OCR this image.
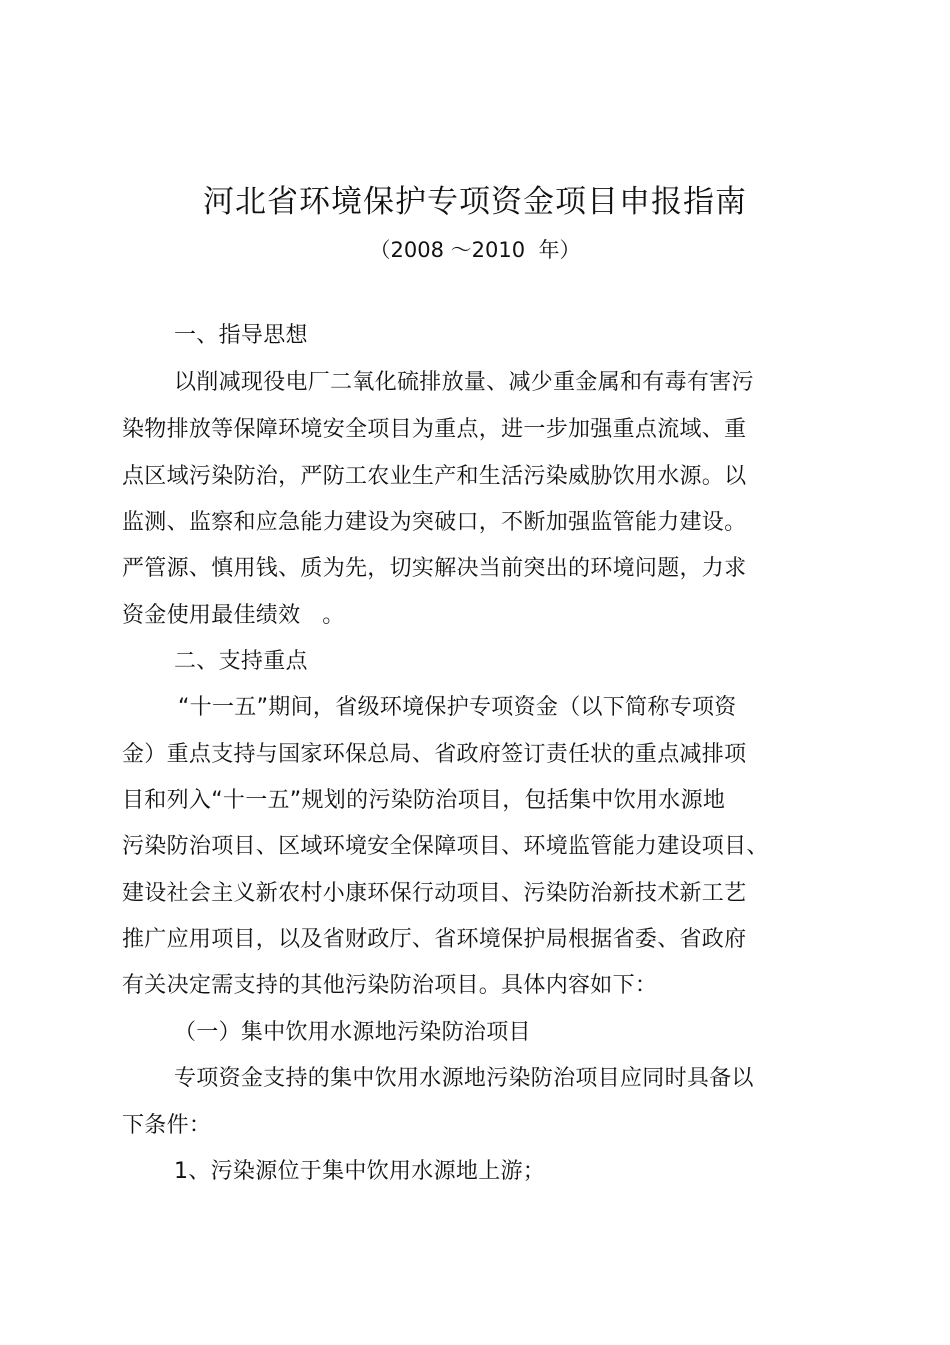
河北省环境保护专项资金项目申报指南
（2008 ～2010  年）
一、指导思想
以削减现役电厂二氧化硫排放量、减少重金属和有毒有害污
染物排放等保障环境安全项目为重点，进一步加强重点流域、重
点区域污染防治，严防工农业生产和生活污染威胁饮用水源。以
监测、监察和应急能力建设为突破口，不断加强监管能力建设。
严管源、慎用钱、质为先，切实解决当前突出的环境问题，力求
资金使用最佳绩效   。
二、支持重点
“十一五”期间，省级环境保护专项资金（以下简称专项资
金）重点支持与国家环保总局、省政府签订责任状的重点减排项
目和列入“十一五”规划的污染防治项目，包括集中饮用水源地
污染防治项目、区域环境安全保障项目、环境监管能力建设项目、
建设社会主义新农村小康环保行动项目、污染防治新技术新工艺
推广应用项目，以及省财政厅、省环境保护局根据省委、省政府
有关决定需支持的其他污染防治项目。具体内容如下：
（一）集中饮用水源地污染防治项目
专项资金支持的集中饮用水源地污染防治项目应同时具备以
下条件：
1、污染源位于集中饮用水源地上游；
